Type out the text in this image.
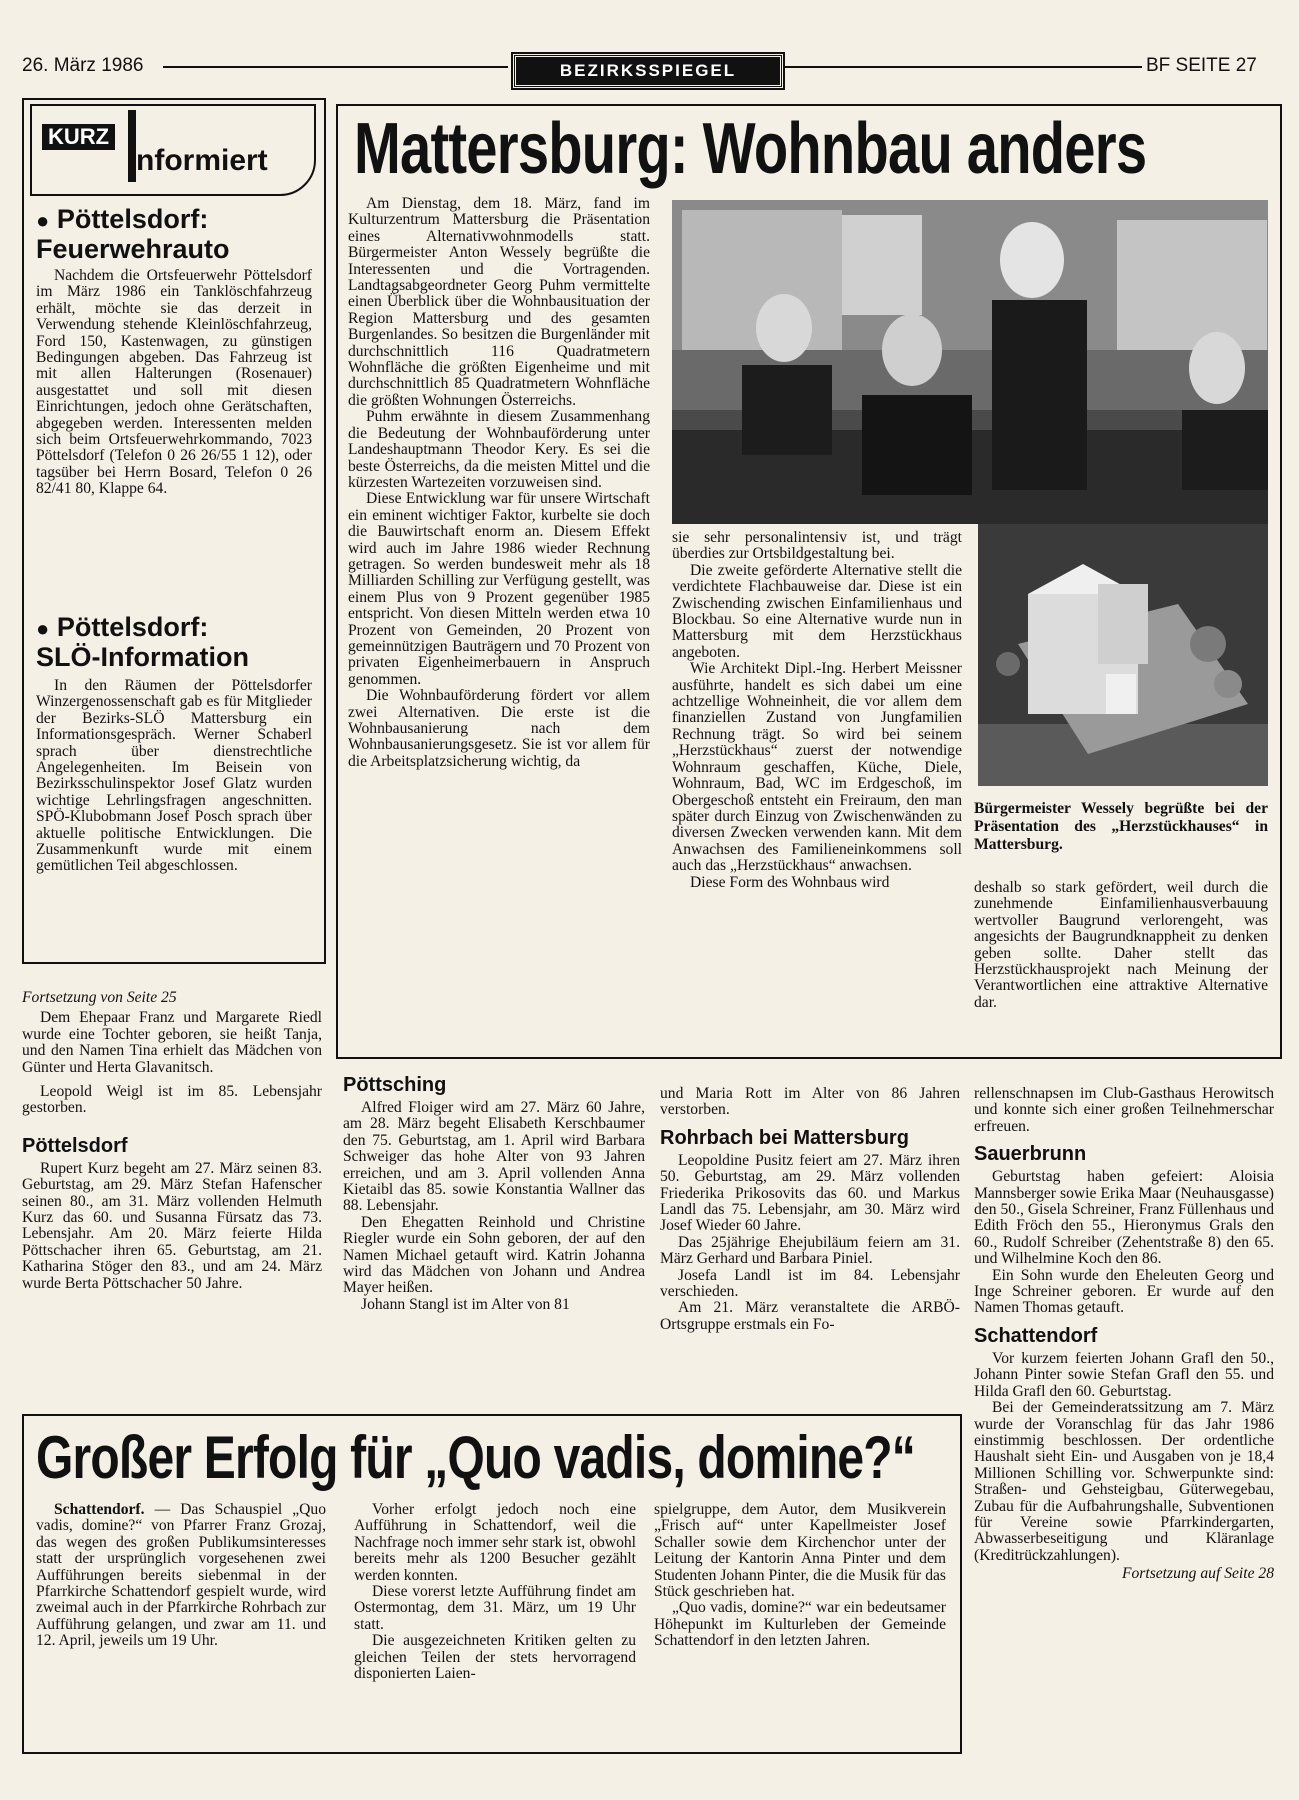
26. März 1986	BEZIRKSSPIEGEL	BF SEITE 27
KURZ
nformiert
● Pöttelsdorf:
Feuerwehrauto

Nachdem die Ortsfeuerwehr Pöttelsdorf im März 1986 ein Tanklöschfahrzeug erhält, möchte sie das derzeit in Verwendung stehende Kleinlöschfahrzeug, Ford 150, Kastenwagen, zu günstigen Bedingungen abgeben. Das Fahrzeug ist mit allen Halterungen (Rosenauer) ausgestattet und soll mit diesen Einrichtungen, jedoch ohne Gerätschaften, abgegeben werden. Interessenten melden sich beim Ortsfeuerwehrkommando, 7023 Pöttelsdorf (Telefon 0 26 26/55 1 12), oder tagsüber bei Herrn Bosard, Telefon 0 26 82/41 80, Klappe 64.

● Pöttelsdorf:
SLÖ-Information

In den Räumen der Pöttelsdorfer Winzergenossenschaft gab es für Mitglieder der Bezirks-SLÖ Mattersburg ein Informationsgespräch. Werner Schaberl sprach über dienstrechtliche Angelegenheiten. Im Beisein von Bezirksschulinspektor Josef Glatz wurden wichtige Lehrlingsfragen angeschnitten. SPÖ-Klubobmann Josef Posch sprach über aktuelle politische Entwicklungen. Die Zusammenkunft wurde mit einem gemütlichen Teil abgeschlossen.

Fortsetzung von Seite 25

Dem Ehepaar Franz und Margarete Riedl wurde eine Tochter geboren, sie heißt Tanja, und den Namen Tina erhielt das Mädchen von Günter und Herta Glavanitsch.

Leopold Weigl ist im 85. Lebensjahr gestorben.

Pöttelsdorf

Rupert Kurz begeht am 27. März seinen 83. Geburtstag, am 29. März Stefan Hafenscher seinen 80., am 31. März vollenden Helmuth Kurz das 60. und Susanna Fürsatz das 73. Lebensjahr. Am 20. März feierte Hilda Pöttschacher ihren 65. Geburtstag, am 21. Katharina Stöger den 83., und am 24. März wurde Berta Pöttschacher 50 Jahre.

Mattersburg: Wohnbau anders

Am Dienstag, dem 18. März, fand im Kulturzentrum Mattersburg die Präsentation eines Alternativwohnmodells statt. Bürgermeister Anton Wessely begrüßte die Interessenten und die Vortragenden. Landtagsabgeordneter Georg Puhm vermittelte einen Überblick über die Wohnbausituation der Region Mattersburg und des gesamten Burgenlandes. So besitzen die Burgenländer mit durchschnittlich 116 Quadratmetern Wohnfläche die größten Eigenheime und mit durchschnittlich 85 Quadratmetern Wohnfläche die größten Wohnungen Österreichs.

Puhm erwähnte in diesem Zusammenhang die Bedeutung der Wohnbauförderung unter Landeshauptmann Theodor Kery. Es sei die beste Österreichs, da die meisten Mittel und die kürzesten Wartezeiten vorzuweisen sind.

Diese Entwicklung war für unsere Wirtschaft ein eminent wichtiger Faktor, kurbelte sie doch die Bauwirtschaft enorm an. Diesem Effekt wird auch im Jahre 1986 wieder Rechnung getragen. So werden bundesweit mehr als 18 Milliarden Schilling zur Verfügung gestellt, was einem Plus von 9 Prozent gegenüber 1985 entspricht. Von diesen Mitteln werden etwa 10 Prozent von Gemeinden, 20 Prozent von gemeinnützigen Bauträgern und 70 Prozent von privaten Eigenheimerbauern in Anspruch genommen.

Die Wohnbauförderung fördert vor allem zwei Alternativen. Die erste ist die Wohnbausanierung nach dem Wohnbausanierungsgesetz. Sie ist vor allem für die Arbeitsplatzsicherung wichtig, da

sie sehr personalintensiv ist, und trägt überdies zur Ortsbildgestaltung bei.

Die zweite geförderte Alternative stellt die verdichtete Flachbauweise dar. Diese ist ein Zwischending zwischen Einfamilienhaus und Blockbau. So eine Alternative wurde nun in Mattersburg mit dem Herzstückhaus angeboten.

Wie Architekt Dipl.-Ing. Herbert Meissner ausführte, handelt es sich dabei um eine achtzellige Wohneinheit, die vor allem dem finanziellen Zustand von Jungfamilien Rechnung trägt. So wird bei seinem „Herzstückhaus“ zuerst der notwendige Wohnraum geschaffen, Küche, Diele, Wohnraum, Bad, WC im Erdgeschoß, im Obergeschoß entsteht ein Freiraum, den man später durch Einzug von Zwischenwänden zu diversen Zwecken verwenden kann. Mit dem Anwachsen des Familieneinkommens soll auch das „Herzstückhaus“ anwachsen.

Diese Form des Wohnbaus wird

Bürgermeister Wessely begrüßte bei der Präsentation des „Herzstückhauses“ in Mattersburg.

deshalb so stark gefördert, weil durch die zunehmende Einfamilienhausverbauung wertvoller Baugrund verlorengeht, was angesichts der Baugrundknappheit zu denken geben sollte. Daher stellt das Herzstückhausprojekt nach Meinung der Verantwortlichen eine attraktive Alternative dar.

Pöttsching

Alfred Floiger wird am 27. März 60 Jahre, am 28. März begeht Elisabeth Kerschbaumer den 75. Geburtstag, am 1. April wird Barbara Schweiger das hohe Alter von 93 Jahren erreichen, und am 3. April vollenden Anna Kietaibl das 85. sowie Konstantia Wallner das 88. Lebensjahr.

Den Ehegatten Reinhold und Christine Riegler wurde ein Sohn geboren, der auf den Namen Michael getauft wird. Katrin Johanna wird das Mädchen von Johann und Andrea Mayer heißen.

Johann Stangl ist im Alter von 81

und Maria Rott im Alter von 86 Jahren verstorben.

Rohrbach bei Mattersburg

Leopoldine Pusitz feiert am 27. März ihren 50. Geburtstag, am 29. März vollenden Friederika Prikosovits das 60. und Markus Landl das 75. Lebensjahr, am 30. März wird Josef Wieder 60 Jahre.

Das 25jährige Ehejubiläum feiern am 31. März Gerhard und Barbara Piniel.

Josefa Landl ist im 84. Lebensjahr verschieden.

Am 21. März veranstaltete die ARBÖ-Ortsgruppe erstmals ein Fo-

rellenschnapsen im Club-Gasthaus Herowitsch und konnte sich einer großen Teilnehmerschar erfreuen.

Sauerbrunn

Geburtstag haben gefeiert: Aloisia Mannsberger sowie Erika Maar (Neuhausgasse) den 50., Gisela Schreiner, Franz Füllenhaus und Edith Fröch den 55., Hieronymus Grals den 60., Rudolf Schreiber (Zehentstraße 8) den 65. und Wilhelmine Koch den 86.

Ein Sohn wurde den Eheleuten Georg und Inge Schreiner geboren. Er wurde auf den Namen Thomas getauft.

Schattendorf

Vor kurzem feierten Johann Grafl den 50., Johann Pinter sowie Stefan Grafl den 55. und Hilda Grafl den 60. Geburtstag.

Bei der Gemeinderatssitzung am 7. März wurde der Voranschlag für das Jahr 1986 einstimmig beschlossen. Der ordentliche Haushalt sieht Ein- und Ausgaben von je 18,4 Millionen Schilling vor. Schwerpunkte sind: Straßen- und Gehsteigbau, Güterwegebau, Zubau für die Aufbahrungshalle, Subventionen für Vereine sowie Pfarrkindergarten, Abwasserbeseitigung und Kläranlage (Kreditrückzahlungen).

Fortsetzung auf Seite 28
Großer Erfolg für „Quo vadis, domine?“

Schattendorf. — Das Schauspiel „Quo vadis, domine?“ von Pfarrer Franz Grozaj, das wegen des großen Publikumsinteresses statt der ursprünglich vorgesehenen zwei Aufführungen bereits siebenmal in der Pfarrkirche Schattendorf gespielt wurde, wird zweimal auch in der Pfarrkirche Rohrbach zur Aufführung gelangen, und zwar am 11. und 12. April, jeweils um 19 Uhr.

Vorher erfolgt jedoch noch eine Aufführung in Schattendorf, weil die Nachfrage noch immer sehr stark ist, obwohl bereits mehr als 1200 Besucher gezählt werden konnten.

Diese vorerst letzte Aufführung findet am Ostermontag, dem 31. März, um 19 Uhr statt.

Die ausgezeichneten Kritiken gelten zu gleichen Teilen der stets hervorragend disponierten Laien-

spielgruppe, dem Autor, dem Musikverein „Frisch auf“ unter Kapellmeister Josef Schaller sowie dem Kirchenchor unter der Leitung der Kantorin Anna Pinter und dem Studenten Johann Pinter, die die Musik für das Stück geschrieben hat.

„Quo vadis, domine?“ war ein bedeutsamer Höhepunkt im Kulturleben der Gemeinde Schattendorf in den letzten Jahren.
